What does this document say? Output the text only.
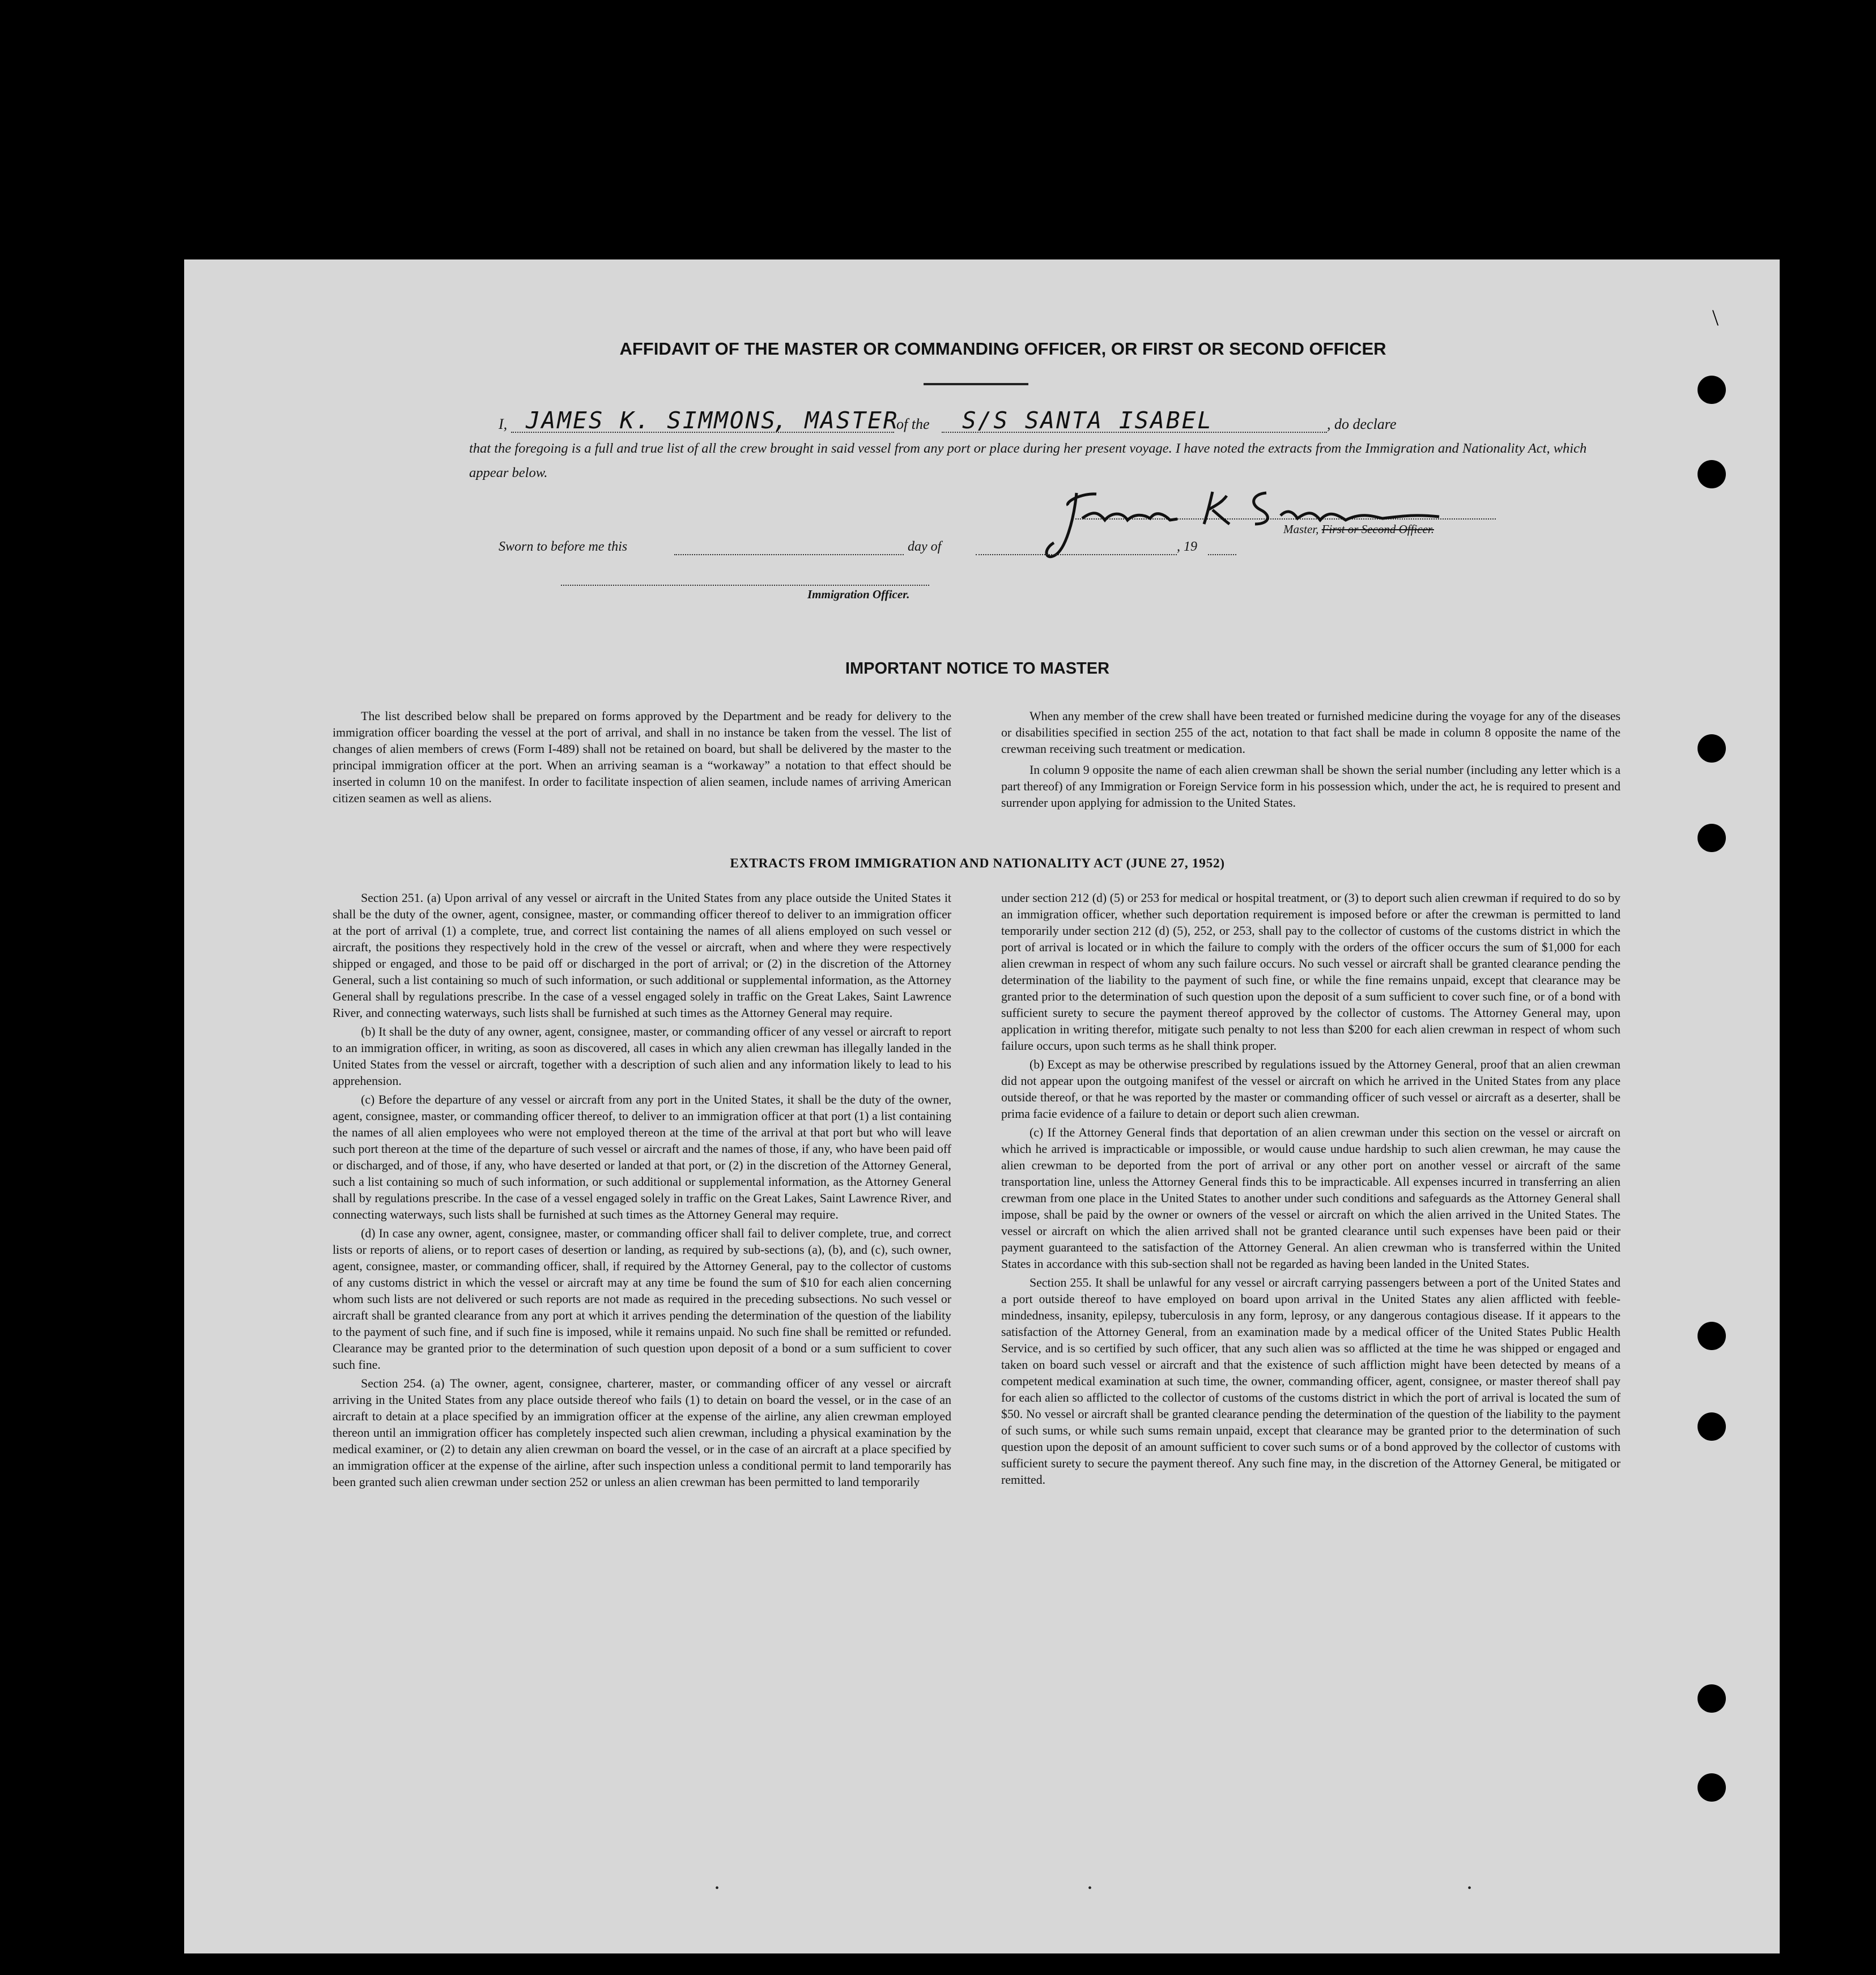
\
AFFIDAVIT OF THE MASTER OR COMMANDING OFFICER, OR FIRST OR SECOND OFFICER
I, JAMES K. SIMMONS
, MASTER
of the S/S SANTA ISABEL	, do declare
that the foregoing is a full and true list of all the crew brought in said vessel from any port or place during her present voyage. I have noted the extracts from the Immigration and Nationality Act, which appear below.
Master, First or Second Officer.
Sworn to before me this	day of	, 19
Immigration Officer.
IMPORTANT NOTICE TO MASTER

The list described below shall be prepared on forms approved by the Department and be ready for delivery to the immigration officer boarding the vessel at the port of arrival, and shall in no instance be taken from the vessel. The list of changes of alien members of crews (Form I-489) shall not be retained on board, but shall be delivered by the master to the principal immigration officer at the port. When an arriving seaman is a “workaway” a notation to that effect should be inserted in column 10 on the manifest. In order to facilitate inspection of alien seamen, include names of arriving American citizen seamen as well as aliens.

When any member of the crew shall have been treated or furnished medicine during the voyage for any of the diseases or disabilities specified in section 255 of the act, notation to that fact shall be made in column 8 opposite the name of the crewman receiving such treatment or medication.

In column 9 opposite the name of each alien crewman shall be shown the serial number (including any letter which is a part thereof) of any Immigration or Foreign Service form in his possession which, under the act, he is required to present and surrender upon applying for admission to the United States.

EXTRACTS FROM IMMIGRATION AND NATIONALITY ACT (JUNE 27, 1952)

Section 251. (a) Upon arrival of any vessel or aircraft in the United States from any place outside the United States it shall be the duty of the owner, agent, consignee, master, or commanding officer thereof to deliver to an immigration officer at the port of arrival (1) a complete, true, and correct list containing the names of all aliens employed on such vessel or aircraft, the positions they respectively hold in the crew of the vessel or aircraft, when and where they were respectively shipped or engaged, and those to be paid off or discharged in the port of arrival; or (2) in the discretion of the Attorney General, such a list containing so much of such information, or such additional or supplemental information, as the Attorney General shall by regulations prescribe. In the case of a vessel engaged solely in traffic on the Great Lakes, Saint Lawrence River, and connecting waterways, such lists shall be furnished at such times as the Attorney General may require.

(b) It shall be the duty of any owner, agent, consignee, master, or commanding officer of any vessel or aircraft to report to an immigration officer, in writing, as soon as discovered, all cases in which any alien crewman has illegally landed in the United States from the vessel or aircraft, together with a description of such alien and any information likely to lead to his apprehension.

(c) Before the departure of any vessel or aircraft from any port in the United States, it shall be the duty of the owner, agent, consignee, master, or commanding officer thereof, to deliver to an immigration officer at that port (1) a list containing the names of all alien employees who were not employed thereon at the time of the arrival at that port but who will leave such port thereon at the time of the departure of such vessel or aircraft and the names of those, if any, who have been paid off or discharged, and of those, if any, who have deserted or landed at that port, or (2) in the discretion of the Attorney General, such a list containing so much of such information, or such additional or supplemental information, as the Attorney General shall by regulations prescribe. In the case of a vessel engaged solely in traffic on the Great Lakes, Saint Lawrence River, and connecting waterways, such lists shall be furnished at such times as the Attorney General may require.

(d) In case any owner, agent, consignee, master, or commanding officer shall fail to deliver complete, true, and correct lists or reports of aliens, or to report cases of desertion or landing, as required by sub-sections (a), (b), and (c), such owner, agent, consignee, master, or commanding officer, shall, if required by the Attorney General, pay to the collector of customs of any customs district in which the vessel or aircraft may at any time be found the sum of $10 for each alien concerning whom such lists are not delivered or such reports are not made as required in the preceding subsections. No such vessel or aircraft shall be granted clearance from any port at which it arrives pending the determination of the question of the liability to the payment of such fine, and if such fine is imposed, while it remains unpaid. No such fine shall be remitted or refunded. Clearance may be granted prior to the determination of such question upon deposit of a bond or a sum sufficient to cover such fine.

Section 254. (a) The owner, agent, consignee, charterer, master, or commanding officer of any vessel or aircraft arriving in the United States from any place outside thereof who fails (1) to detain on board the vessel, or in the case of an aircraft to detain at a place specified by an immigration officer at the expense of the airline, any alien crewman employed thereon until an immigration officer has completely inspected such alien crewman, including a physical examination by the medical examiner, or (2) to detain any alien crewman on board the vessel, or in the case of an aircraft at a place specified by an immigration officer at the expense of the airline, after such inspection unless a conditional permit to land temporarily has been granted such alien crewman under section 252 or unless an alien crewman has been permitted to land temporarily

under section 212 (d) (5) or 253 for medical or hospital treatment, or (3) to deport such alien crewman if required to do so by an immigration officer, whether such deportation requirement is imposed before or after the crewman is permitted to land temporarily under section 212 (d) (5), 252, or 253, shall pay to the collector of customs of the customs district in which the port of arrival is located or in which the failure to comply with the orders of the officer occurs the sum of $1,000 for each alien crewman in respect of whom any such failure occurs. No such vessel or aircraft shall be granted clearance pending the determination of the liability to the payment of such fine, or while the fine remains unpaid, except that clearance may be granted prior to the determination of such question upon the deposit of a sum sufficient to cover such fine, or of a bond with sufficient surety to secure the payment thereof approved by the collector of customs. The Attorney General may, upon application in writing therefor, mitigate such penalty to not less than $200 for each alien crewman in respect of whom such failure occurs, upon such terms as he shall think proper.

(b) Except as may be otherwise prescribed by regulations issued by the Attorney General, proof that an alien crewman did not appear upon the outgoing manifest of the vessel or aircraft on which he arrived in the United States from any place outside thereof, or that he was reported by the master or commanding officer of such vessel or aircraft as a deserter, shall be prima facie evidence of a failure to detain or deport such alien crewman.

(c) If the Attorney General finds that deportation of an alien crewman under this section on the vessel or aircraft on which he arrived is impracticable or impossible, or would cause undue hardship to such alien crewman, he may cause the alien crewman to be deported from the port of arrival or any other port on another vessel or aircraft of the same transportation line, unless the Attorney General finds this to be impracticable. All expenses incurred in transferring an alien crewman from one place in the United States to another under such conditions and safeguards as the Attorney General shall impose, shall be paid by the owner or owners of the vessel or aircraft on which the alien arrived in the United States. The vessel or aircraft on which the alien arrived shall not be granted clearance until such expenses have been paid or their payment guaranteed to the satisfaction of the Attorney General. An alien crewman who is transferred within the United States in accordance with this sub-section shall not be regarded as having been landed in the United States.

Section 255. It shall be unlawful for any vessel or aircraft carrying passengers between a port of the United States and a port outside thereof to have employed on board upon arrival in the United States any alien afflicted with feeble-mindedness, insanity, epilepsy, tuberculosis in any form, leprosy, or any dangerous contagious disease. If it appears to the satisfaction of the Attorney General, from an examination made by a medical officer of the United States Public Health Service, and is so certified by such officer, that any such alien was so afflicted at the time he was shipped or engaged and taken on board such vessel or aircraft and that the existence of such affliction might have been detected by means of a competent medical examination at such time, the owner, commanding officer, agent, consignee, or master thereof shall pay for each alien so afflicted to the collector of customs of the customs district in which the port of arrival is located the sum of $50. No vessel or aircraft shall be granted clearance pending the determination of the question of the liability to the payment of such sums, or while such sums remain unpaid, except that clearance may be granted prior to the determination of such question upon the deposit of an amount sufficient to cover such sums or of a bond approved by the collector of customs with sufficient surety to secure the payment thereof. Any such fine may, in the discretion of the Attorney General, be mitigated or remitted.

•	•	•
